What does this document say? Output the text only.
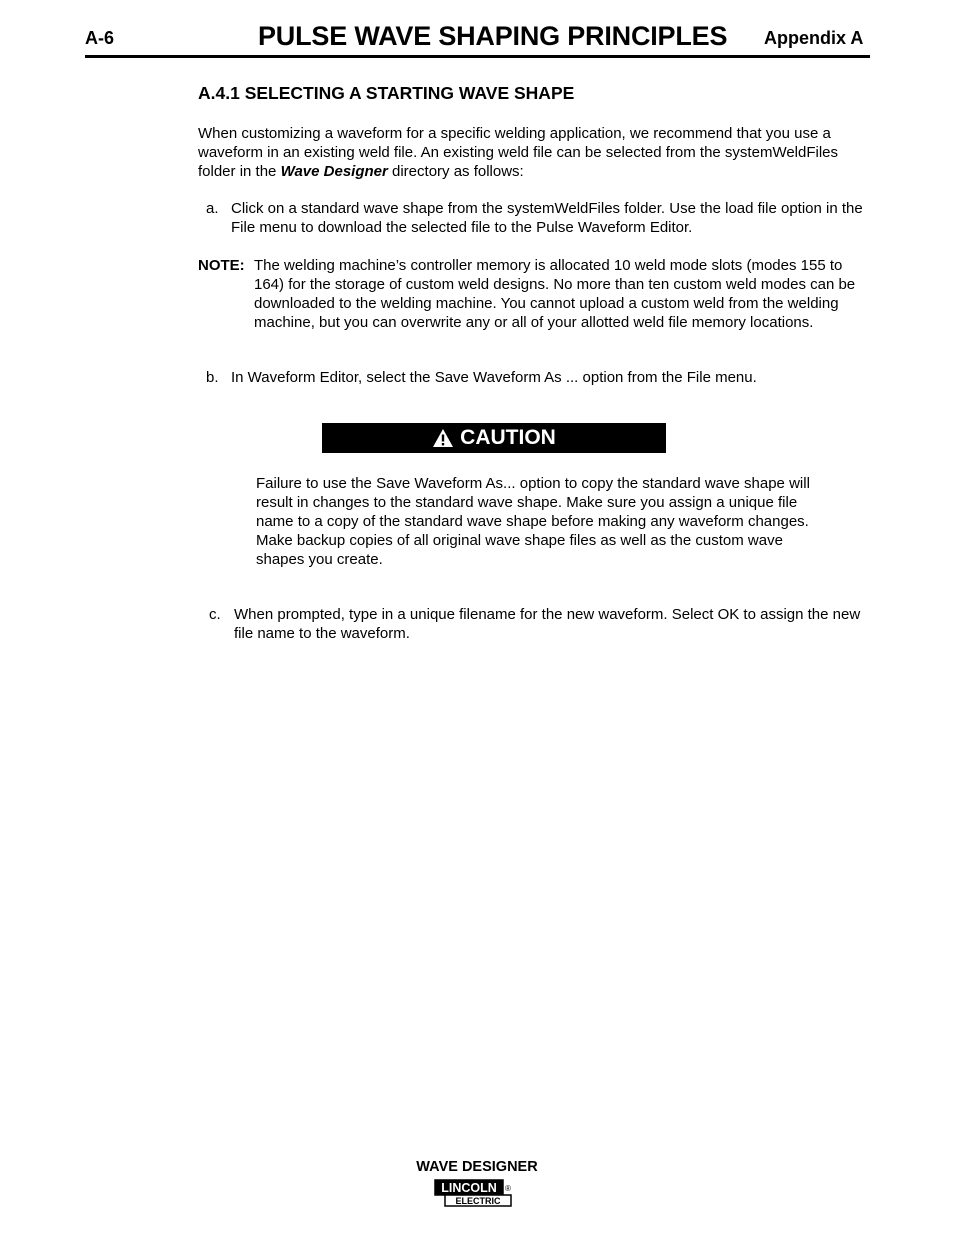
A-6	PULSE WAVE SHAPING PRINCIPLES Appendix A
A.4.1 SELECTING A STARTING WAVE SHAPE
When customizing a waveform for a specific welding application, we recommend that you use a waveform in an existing weld file. An existing weld file can be selected from the systemWeldFiles folder in the Wave Designer directory as follows:
a. Click on a standard wave shape from the systemWeldFiles folder. Use the load file option in the File menu to download the selected file to the Pulse Waveform Editor.
NOTE: The welding machine’s controller memory is allocated 10 weld mode slots (modes 155 to 164) for the storage of custom weld designs. No more than ten custom weld modes can be downloaded to the welding machine. You cannot upload a custom weld from the welding machine, but you can overwrite any or all of your allotted weld file memory locations.
b. In Waveform Editor, select the Save Waveform As ... option from the File menu.
CAUTION
Failure to use the Save Waveform As... option to copy the standard wave shape will result in changes to the standard wave shape. Make sure you assign a unique file name to a copy of the standard wave shape before making any waveform changes. Make backup copies of all original wave shape files as well as the custom wave shapes you create.
c. When prompted, type in a unique filename for the new waveform. Select OK to assign the new file name to the waveform.
WAVE DESIGNER
LINCOLN
ELECTRIC
®
